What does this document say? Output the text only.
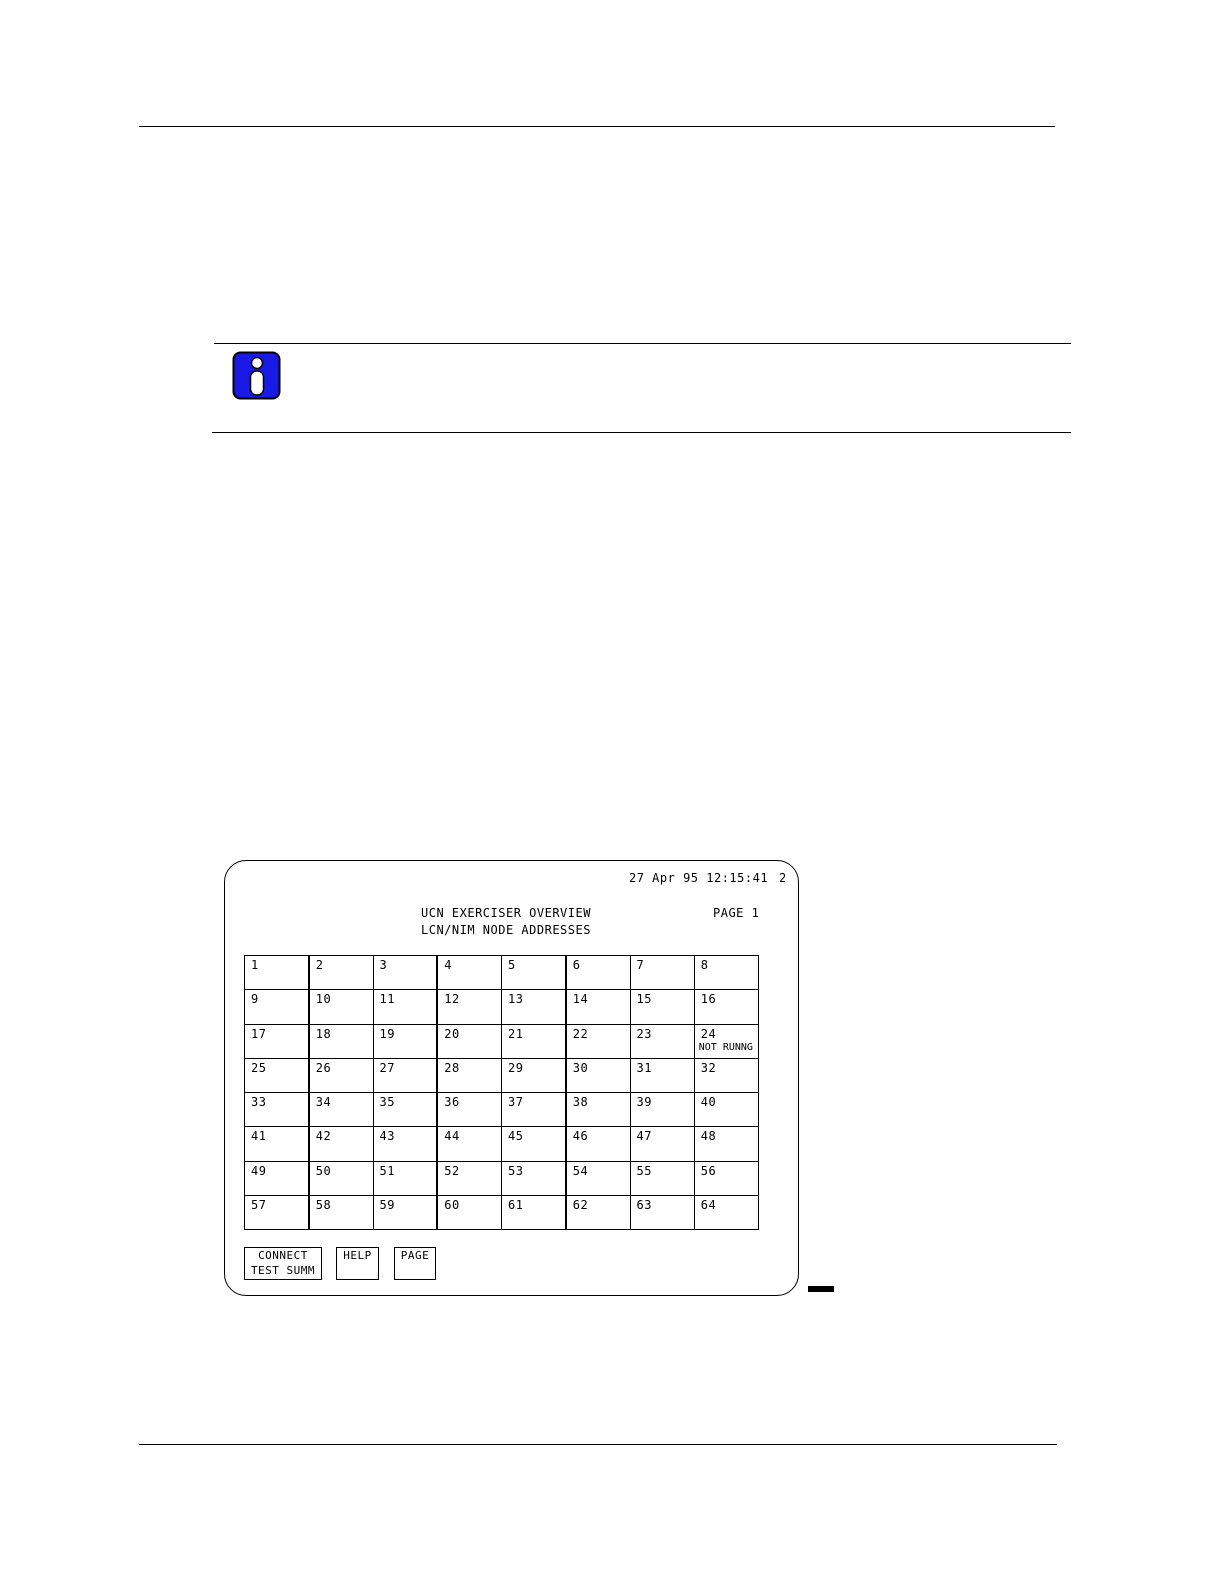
27 Apr 95 12:15:41 2
UCN EXERCISER OVERVIEW
LCN/NIM NODE ADDRESSES
PAGE 1
1	2	3	4	5	6	7	8
9	10	11	12	13	14	15	16
17	18	19	20	21	22	23	24
NOT RUNNG

25	26	27	28	29	30	31	32
33	34	35	36	37	38	39	40
41	42	43	44	45	46	47	48
49	50	51	52	53	54	55	56
57	58	59	60	61	62	63	64
CONNECT
TEST SUMM
HELP	PAGE
